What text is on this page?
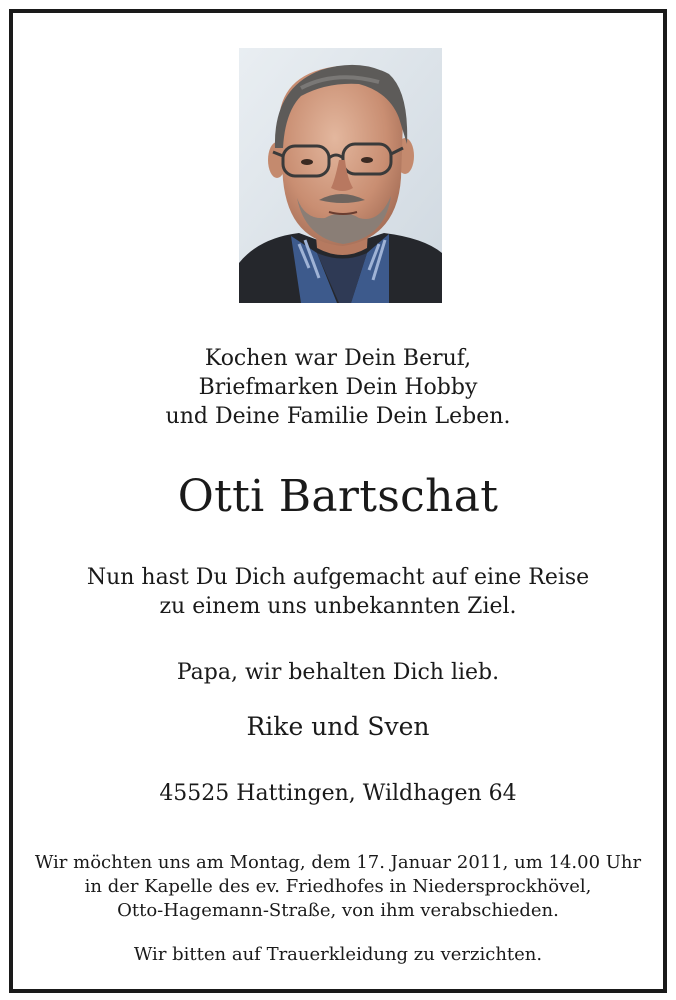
Kochen war Dein Beruf,
Briefmarken Dein Hobby
und Deine Familie Dein Leben.
Otti Bartschat
Nun hast Du Dich aufgemacht auf eine Reise
zu einem uns unbekannten Ziel.
Papa, wir behalten Dich lieb.
Rike und Sven
45525 Hattingen, Wildhagen 64
Wir möchten uns am Montag, dem 17. Januar 2011, um 14.00 Uhr
in der Kapelle des ev. Friedhofes in Niedersprockhövel,
Otto-Hagemann-Straße, von ihm verabschieden.
Wir bitten auf Trauerkleidung zu verzichten.
